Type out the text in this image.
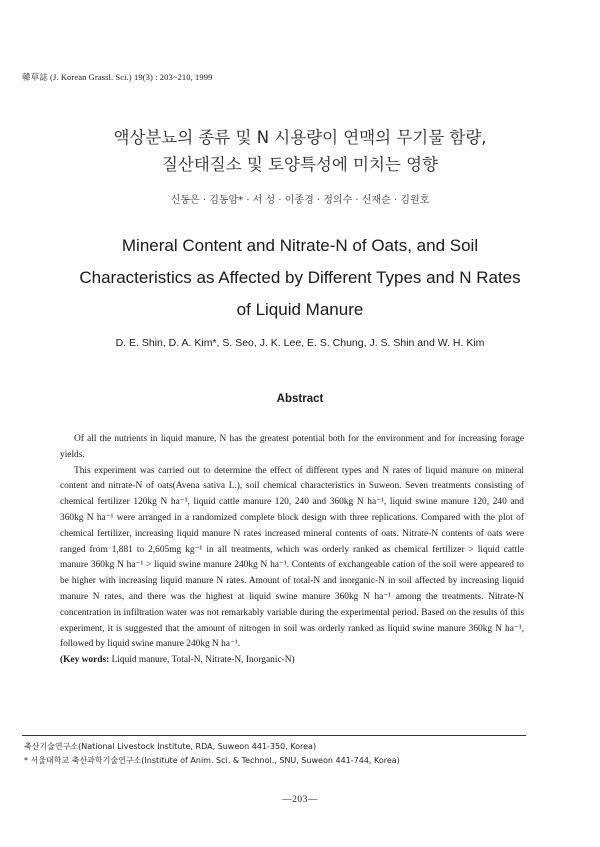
韓草誌 (J. Korean Grassl. Sci.) 19(3) : 203~210, 1999
액상분뇨의 종류 및 N 시용량이 연맥의 무기물 함량,
질산태질소 및 토양특성에 미치는 영향
신동은 · 김동암* · 서 성 · 이종경 · 정의수 · 신재순 · 김원호
Mineral Content and Nitrate-N of Oats, and Soil
Characteristics as Affected by Different Types and N Rates
of Liquid Manure
D. E. Shin, D. A. Kim*, S. Seo, J. K. Lee, E. S. Chung, J. S. Shin and W. H. Kim
Abstract

Of all the nutrients in liquid manure, N has the greatest potential both for the environment and for increasing forage yields.

This experiment was carried out to determine the effect of different types and N rates of liquid manure on mineral content and nitrate-N of oats(Avena sativa L.), soil chemical characteristics in Suweon. Seven treatments consisting of chemical fertilizer 120kg N ha⁻¹, liquid cattle manure 120, 240 and 360kg N ha⁻¹, liquid swine manure 120, 240 and 360kg N ha⁻¹ were arranged in a randomized complete block design with three replications. Compared with the plot of chemical fertilizer, increasing liquid manure N rates increased mineral contents of oats. Nitrate-N contents of oats were ranged from 1,881 to 2,605mg kg⁻¹ in all treatments, which was orderly ranked as chemical fertilizer > liquid cattle manure 360kg N ha⁻¹ > liquid swine manure 240kg N ha⁻¹. Contents of exchangeable cation of the soil were appeared to be higher with increasing liquid manure N rates. Amount of total-N and inorganic-N in soil affected by increasing liquid manure N rates, and there was the highest at liquid swine manure 360kg N ha⁻¹ among the treatments. Nitrate-N concentration in infiltration water was not remarkably variable during the experimental period. Based on the results of this experiment, it is suggested that the amount of nitrogen in soil was orderly ranked as liquid swine manure 360kg N ha⁻¹, followed by liquid swine manure 240kg N ha⁻¹.

(Key words: Liquid manure, Total-N, Nitrate-N, Inorganic-N)

축산기술연구소(National Livestock Institute, RDA, Suweon 441-350, Korea)
* 서울대학교 축산과학기술연구소(Institute of Anim. Sci. & Technol., SNU, Suweon 441-744, Korea)
—203—
